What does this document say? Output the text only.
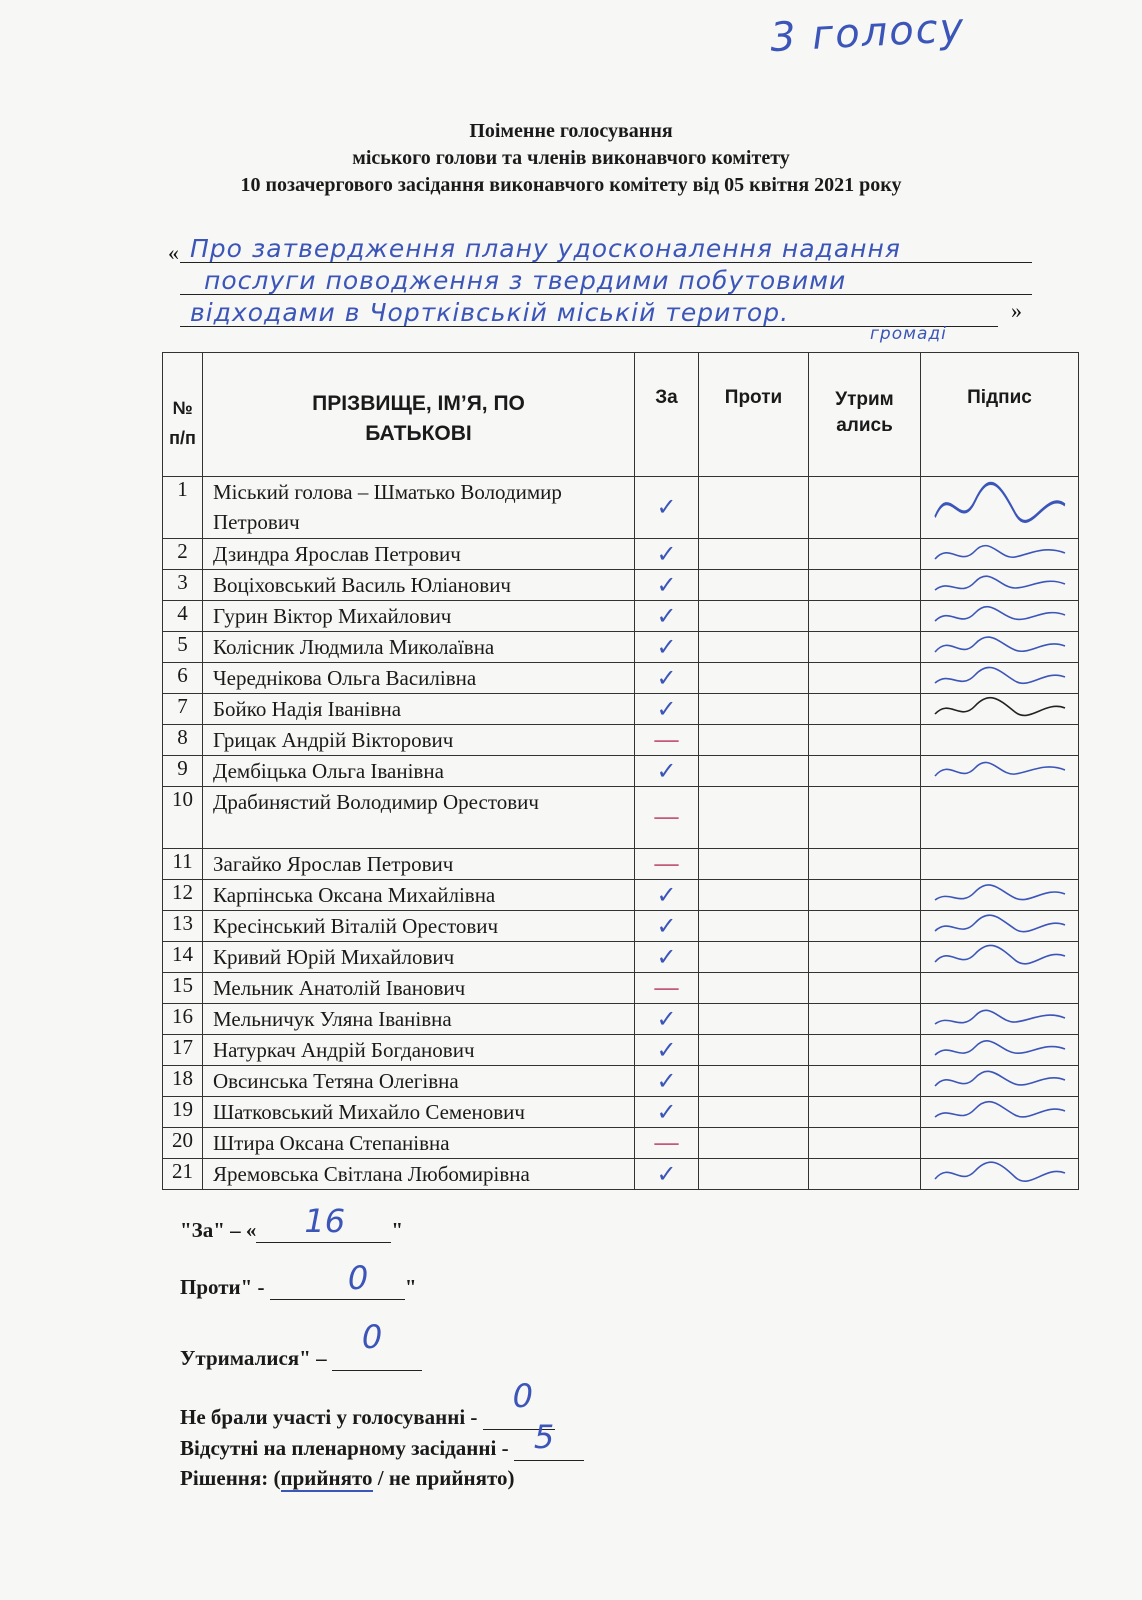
3 голосу
Поіменне голосування
міського голови та членів виконавчого комітету
10 позачергового засідання виконавчого комітету від 05 квітня 2021 року
« Про затвердження плану удосконалення надання
послуги поводження з твердими побутовими
відходами в Чортківській міській територ.	»
громаді
№ п/п	ПРІЗВИЩЕ, ІМ’Я, ПО БАТЬКОВІ	За	Проти	Утрим ались	Підпис
1	Міський голова – Шматько Володимир Петрович	✓			

2	Дзиндра Ярослав Петрович	✓			

3	Воціховський Василь Юліанович	✓			

4	Гурин Віктор Михайлович	✓			

5	Колісник Людмила Миколаївна	✓			

6	Череднікова Ольга Василівна	✓			

7	Бойко Надія Іванівна	✓			

8	Грицак Андрій Вікторович	—			
9	Дембіцька Ольга Іванівна	✓			

10	Драбинястий Володимир Орестович	—			
11	Загайко Ярослав Петрович	—			
12	Карпінська Оксана Михайлівна	✓			

13	Кресінський Віталій Орестович	✓			

14	Кривий Юрій Михайлович	✓			

15	Мельник Анатолій Іванович	—			
16	Мельничук Уляна Іванівна	✓			

17	Натуркач Андрій Богданович	✓			

18	Овсинська Тетяна Олегівна	✓			

19	Шатковський Михайло Семенович	✓			

20	Штира Оксана Степанівна	—			
21	Яремовська Світлана Любомирівна	✓			
"За" – « 16 "
Проти" - 0 "
Утрималися" –
0
Не брали участі у голосуванні -
0
Відсутні на пленарному засіданні - 5
Рішення: (прийнято / не прийнято)
